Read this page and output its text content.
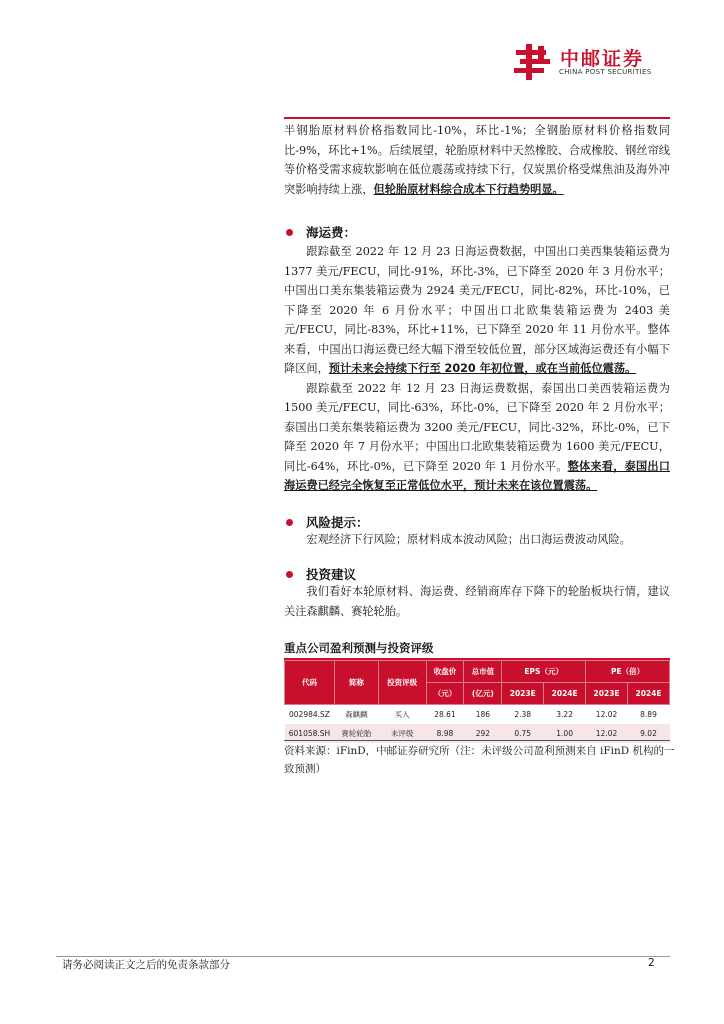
中邮证券
CHINA POST SECURITIES

半钢胎原材料价格指数同比-10%，环比-1%；全钢胎原材料价格指数同比-9%，环比+1%。后续展望，轮胎原材料中天然橡胶、合成橡胶、钢丝帘线等价格受需求疲软影响在低位震荡或持续下行，仅炭黑价格受煤焦油及海外冲突影响持续上涨，但轮胎原材料综合成本下行趋势明显。

海运费：

跟踪截至 2022 年 12 月 23 日海运费数据，中国出口美西集装箱运费为 1377 美元/FECU，同比-91%，环比-3%，已下降至 2020 年 3 月份水平；中国出口美东集装箱运费为 2924 美元/FECU，同比-82%，环比-10%，已下降至 2020 年 6 月份水平；中国出口北欧集装箱运费为 2403 美元/FECU，同比-83%，环比+11%，已下降至 2020 年 11 月份水平。整体来看，中国出口海运费已经大幅下滑至较低位置，部分区域海运费还有小幅下降区间，预计未来会持续下行至 2020 年初位置，或在当前低位震荡。

跟踪截至 2022 年 12 月 23 日海运费数据，泰国出口美西装箱运费为 1500 美元/FECU，同比-63%，环比-0%，已下降至 2020 年 2 月份水平；泰国出口美东集装箱运费为 3200 美元/FECU，同比-32%，环比-0%，已下降至 2020 年 7 月份水平；中国出口北欧集装箱运费为 1600 美元/FECU，同比-64%，环比-0%，已下降至 2020 年 1 月份水平。整体来看，泰国出口海运费已经完全恢复至正常低位水平，预计未来在该位置震荡。

风险提示：

宏观经济下行风险；原材料成本波动风险；出口海运费波动风险。

投资建议

我们看好本轮原材料、海运费、经销商库存下降下的轮胎板块行情，建议关注森麒麟、赛轮轮胎。

重点公司盈利预测与投资评级
代码	简称	投资评级	收盘价	总市值	EPS（元）		PE（倍）	
			（元）	(亿元)	2023E	2024E	2023E	2024E
002984.SZ	森麒麟	买入	28.61	186	2.38	3.22	12.02	8.89
601058.SH	赛轮轮胎	未评级	8.98	292	0.75	1.00	12.02	9.02
资料来源：iFinD，中邮证券研究所（注：未评级公司盈利预测来自 iFinD 机构的一致预测）
请务必阅读正文之后的免责条款部分	2
